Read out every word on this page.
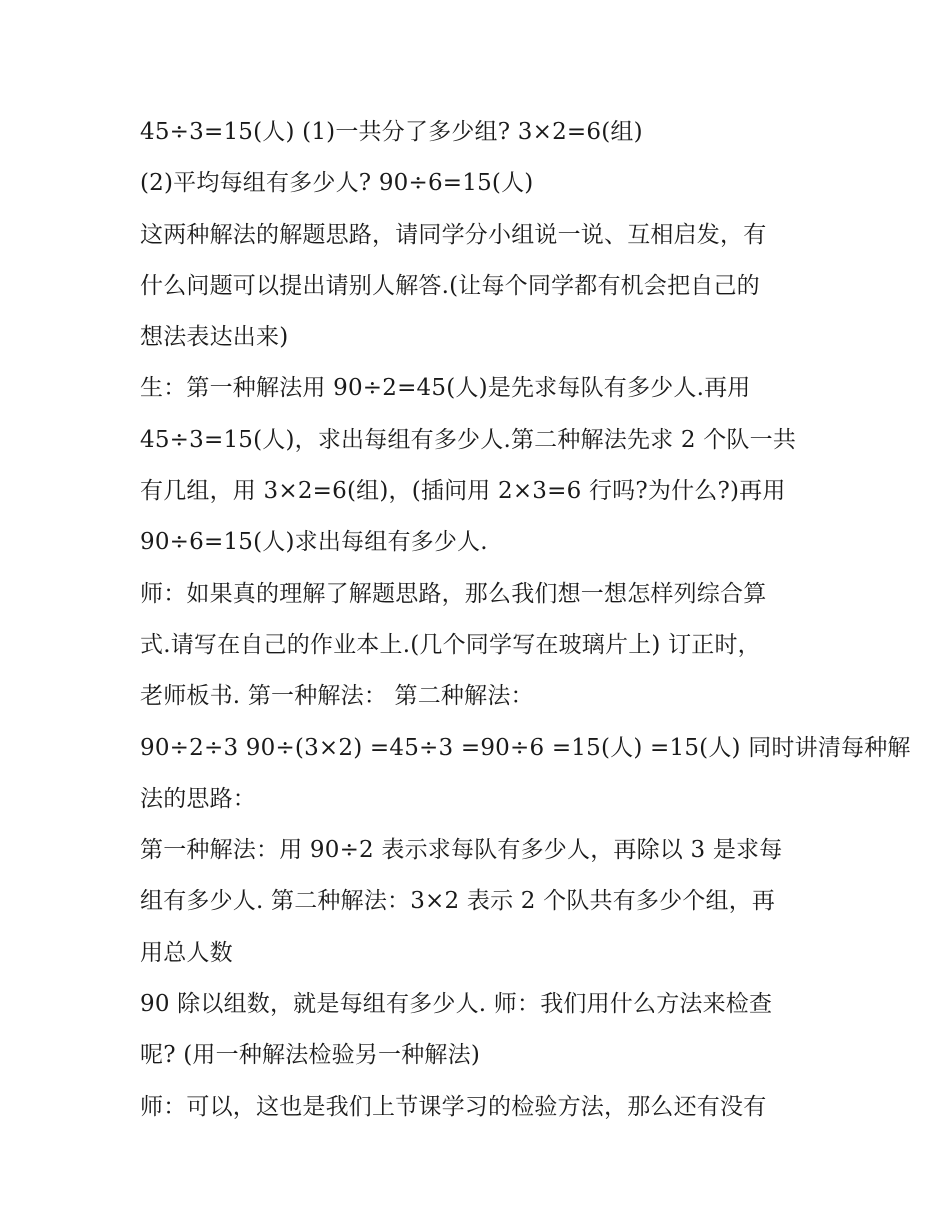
45÷3=15(人) (1)一共分了多少组? 3×2=6(组)
(2)平均每组有多少人? 90÷6=15(人)
这两种解法的解题思路，请同学分小组说一说、互相启发，有
什么问题可以提出请别人解答.(让每个同学都有机会把自己的
想法表达出来)
生：第一种解法用 90÷2=45(人)是先求每队有多少人.再用
45÷3=15(人)，求出每组有多少人.第二种解法先求 2 个队一共
有几组，用 3×2=6(组)，(插问用 2×3=6 行吗?为什么?)再用
90÷6=15(人)求出每组有多少人.
师：如果真的理解了解题思路，那么我们想一想怎样列综合算
式.请写在自己的作业本上.(几个同学写在玻璃片上) 订正时，
老师板书. 第一种解法： 第二种解法：
90÷2÷3 90÷(3×2) =45÷3 =90÷6 =15(人) =15(人) 同时讲清每种解
法的思路：
第一种解法：用 90÷2 表示求每队有多少人，再除以 3 是求每
组有多少人. 第二种解法：3×2 表示 2 个队共有多少个组，再
用总人数
90 除以组数，就是每组有多少人. 师：我们用什么方法来检查
呢? (用一种解法检验另一种解法)
师：可以，这也是我们上节课学习的检验方法，那么还有没有
